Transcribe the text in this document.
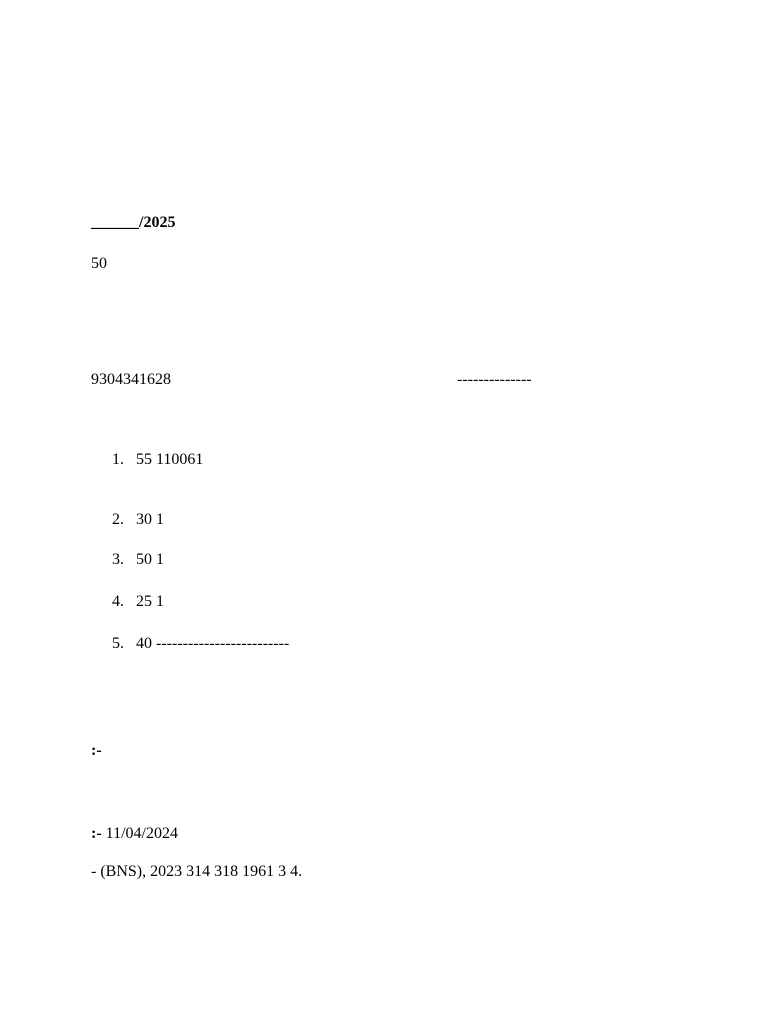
______/2025
50
9304341628	--------------
1. 55 110061
2. 30 1
3. 50 1
4. 25 1
5. 40 -------------------------
:-
:- 11/04/2024
- (BNS), 2023 314 318 1961 3 4.
